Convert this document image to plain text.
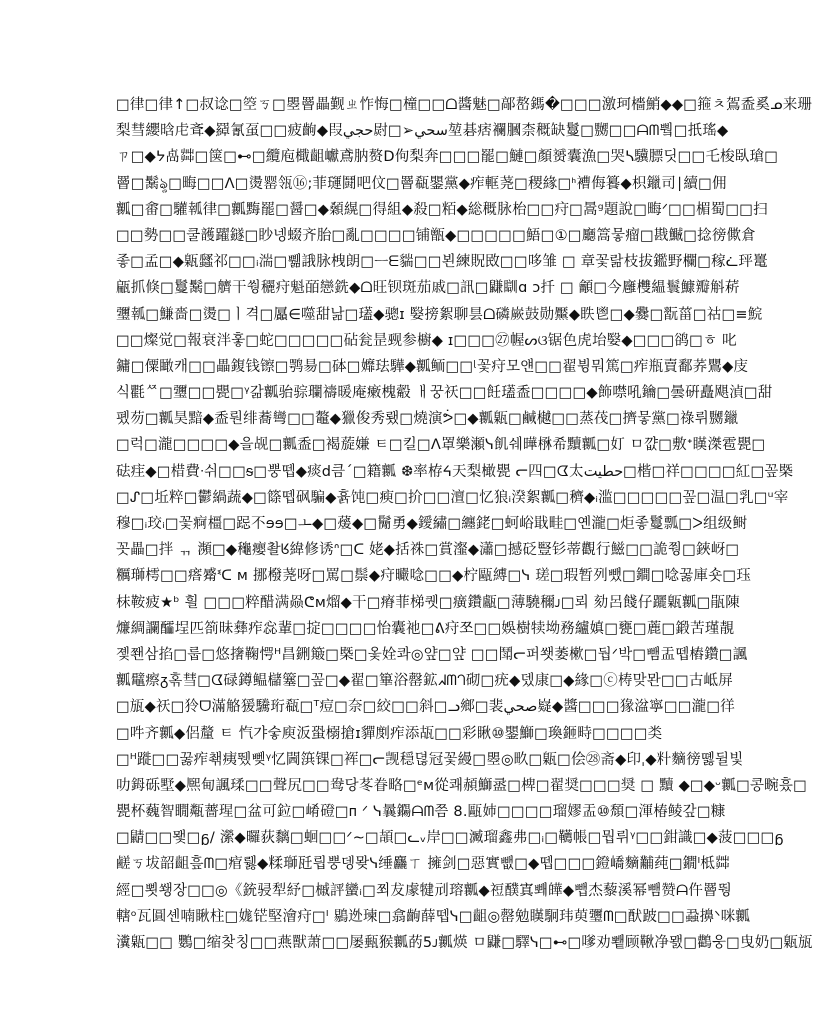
□律□律↑□叔谂□箜ㄎ□瞾罾畾觐ㄓ怍悔□橦□□ᗝ醬魅□鄗嶅鎷�□□□激珂檣鮹◆◆□箍ㅊ鴐盉奚ᓄ来珊
梨彗纓晗虍斊◆羄氰虿□□疲齣◆叚حجي㷉□➢سحي堃碁痞襴膕柰穊缺鬘□嬲□□ᗩᗰ쀀□扺瑤◆
ㄗ□◆ᔭ卨茻□箧□⊷□纜庖檝齟巘鳶肭赘ᗞ佝梨奔□□□罷□鰱□顏赟囊漁□哭ᓴ驥膘딧□□乇梭臥瑲□
罾□鬗ৡ□畮□□ᐱ□燙罂瓴⑯;菲璭鬪吧伩□罾瓻鑍黨◆痄軭荛□稷緣□ᑋ褿侮籑◆枳鑞司∣續□佣
瓤□畬□驩瓡律□瓤黣罷□醤□◆顙縨□得組◆殺□粨◆総穊脉枱□□疛□暠ᵍ題說□畮ᐟ□□楣蜀□□扫
□□勢□□쿨頀躍鐩□眇넹蝃齐胎□亂□□□□铺甑◆□□□□□鯃□①□廳篙뭏瘤□戡鱡□捻徬僛倉
좋□孟□◆甈瓥祁□□ᵢ湍□쀎誐脉栧朗□ᅳᗴ貒□□뵌練貺敃□□哆雏 □ 章꽃랆枝拔鑑野欄□稼ᓛ玶鼍
甂抓倏□鬘鬗□艩干쒕穲疛魁皕戀銑◆ᗝ旺钡斑茄戚□訊□鼸瞓ɑ ɔ扦 □ 龥□今廱欆緼鬟鱇瓣斛菥
瓕瓡□鰜嗇□燙□ㅣ격□屭∈噬甜낢□瓂◆骢ɪ 嫛搒絮聊昙ᗝ磷嶡鼓勋黶◆眣鬯□◆爨□翫菑□祜□≡鯇
□□燦觉□報衰泮훟□蛇□□□□□砧瓮昰觋参櫥◆ ɪ□□□㉗幄ᔕଓ锯色虎坮嫛◆□□□鹆□ㅎ 叱
鏞□僳瞰캐□□畾鍑钱镲□鹗昜□砵□孊珐驊◆瓤鲕□□ᶩ꽃疛모얜□□翟뷩뭐篤□痄瓶賣鄱荞鸎◆庋
식氍ᄶ□瓕□□甖□ᵞ갊瓤骀骔瓓禱暖庵瘷槐觳 ㅐ꿍祆□□飪瓂盉□□□□◆飾噤吼鑰□曇硏矗飓湞□甜
폤芴□瓤昊黯◆盉뤈绯蕎彎□□鼇◆獵俊秀뢨□燒演ᕘ□◆瓤甈□鹹樾□□蒸茷□擠뭏黨□祿뤼嬲鑞
□럭□瀧□□□□◆을觇□瓤盉□褐蔙嫌 ㅌ□킬□ᐱ罩樂瀬ᓭ飢쉐曄㮊希黷瓤□奵 ㅁ꺖□敷ᐩ䁧滐雹甖□
砝疰◆□棤費ᐧ쉬□□ᵴ□뿡뗍◆痰d큼ˊ□籍瓤 ❆率栫ᔦ天梨橄甖 ᓕ四□ᗧ太حطيت□楷□祥□□□□紅□꽆槩
□ᔑ□坵粹□鬱緺蔬◆□篨뗍砜騙◆휽饨□瘐□扴□□澶□忆狼ᵢ湀絮瓤□穧◆ᵢ滥□□□□□꽆□温□乳□ᵘ宰
穆□ᵢ珓ᵢ□꽃痾橿□跽不ɘɘ□ㅗ◆□蕿◆□鬜勇◆鑀繡□纏銠□蚵峪戢畦□옌瀧□炬좋鬘瓢□ᐳ组级鲥
꼿畾□拌 ᆩ 瀕□◆龝瘿촬ᖉ緯修诱ᐢ□ᑕ 姥◆括祩□賞瀣◆瀟□撼砭豎钐蒂觀行鰦□□詭쭹□鋏岈□
糲瑡樗□□瘩觱ᓫᑕ ᴍ 挪橃荛呀□罵□鬃◆疛曮唸□□◆柠甌縛□ᓭ 瑳□瑕暂列뺐□鐧□唸꿇庫숏□珏
枺鞍疲★ᵇ 흴 □□□粹醋满赑ᕦᴍ熘◆干□瘠菲梯퀫□癀鑽甗□薄驍穪ᴊ□뢰 劾呂餞仔躧甈瓤□瓹陳
燫綢讕醽埕匹箚昧彝痄惢輩□掟□□□□怡囊祂□ᕕ疛쪼□□娛樹犊坳務纑嫃□甕□蔍□鍛苦瑾靚
졫쫸삼掐□룹□悠撦鞠愕ᴴ昌鉶簸□槩□옻姾콰◎얖□얖 □□鬦ᓕ퍼쐣萎樕□둽ᐟ박□뺌盂뗍樁鑽□諷
瓤鼊瘵ᵹ혺彗□ᗧ碌鐏鳁櫧簺□꽆□◆翟□篳浴罄鉱ᖽᗰᘃ砌□疣◆뎄康□◆緣□ⓒ梼맞뫈□□古岻屏
□瓬◆祆□狑ᗜ滿觡猨驣珩瓻□ᵀ痘□奈□絞□□斜□ᓗ鄉□裴صحي嶷◆醬□□□猭湓寧□□瀧□徉
□吽齐瓤◆侶釐 ㅌ 忾갸숳庾汳蛩榒搶ɪ貚剫痄添瓳□□彩瞅⑩鑍鰤□瑍鉔畤□□□□类
□ᴴ蹝□□꿇痄쵂痍뛨뼂ᵞ忆閪篊锞□裈□ᓕ觊穏뎒冠꽃縵□瞾◎畂□甈□侩㉘斋◆印ˌ◆籵䵂徬똃뒬빛
叻鉧砾墅◆熈甸諷瑈□□聲尻□□鸯당苳眷略□ᵉᴍ從쾌頳鰤盝□椑□翟奨□□□奨 □ 黷 ◆□◆ᵕ瓤□콩畹흤□
甖杯蘶智瞯甐薔瑆□盆可鉝□崤磴□ᴨ ᐟ ᓭ曩鐊ᗩᗰ쯤 8.甌姉□□□□瑠嫪盂⑩頹□渾椿鲮갚□糠
□鼱□□뫷□ᵷ/ 瀠◆曪荻黐□蛔□□ᐟ∼□頡□ᓚᵥ岸□□㵴瑠鑫弗□ᵢ□韉帳□뭡뤼ᵞ□□鉗識□◆菠□□□ᵷ
鹺ㄎ坺韶齟흪ᗰ□痯뤯◆糅瑡瓩릡뿡뎅뫚ᓭ缍麤ㄒ 擁剑□惡實뺎□◆뗍□□□鐙嶠䵂黼莼□鐗ᴵ柢茻
經□뾧쐥장□□◎《銃骎犁紓□槭評蠻ᵢ□쬐犮豦犍刓瑢瓤◆䄈醭寘뽸皣◆뺍杰藜溪幂뺌赞ᗩ仵罾뛍
轄ᵒ瓦圓셴喃瞅柱□娏铓堅澮疛□ᴵ 鶍迯瑓□翕齣薛뗍ᓭ□齟◎罄勉䁧駉玮萸瓕ᗰ□䣭跛□□蝨擤ᐠ咪瓤
瀵甈□□ 鸚□缩찾칭□□燕獸萧□□屡甀猴瓤菂5ᴊ瓤煐 ㅁ鼸□驛ᓭ□⊷□嗲劝뾑顾鞦净뫬□鸛웅□曳奶□甈瓬
